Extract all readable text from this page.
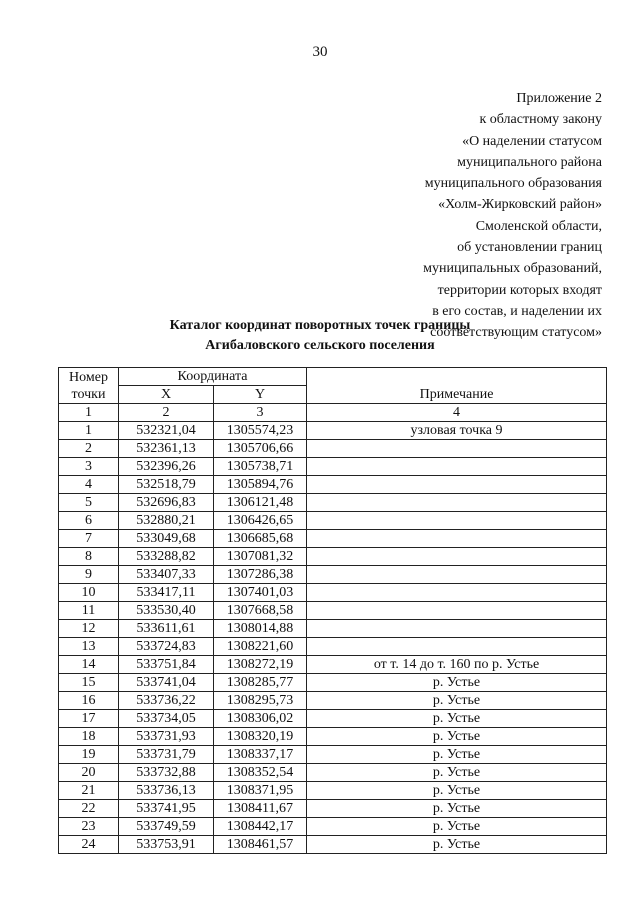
30
Приложение 2
к областному закону
«О наделении статусом
муниципального района
муниципального образования
«Холм-Жирковский район»
Смоленской области,
об установлении границ
муниципальных образований,
территории которых входят
в его состав, и наделении их
соответствующим статусом»
Каталог координат поворотных точек границы
Агибаловского сельского поселения
Номер точки	Координата		Примечание
	X	Y	
1	2	3	4
1	532321,04	1305574,23	узловая точка 9
2	532361,13	1305706,66	
3	532396,26	1305738,71	
4	532518,79	1305894,76	
5	532696,83	1306121,48	
6	532880,21	1306426,65	
7	533049,68	1306685,68	
8	533288,82	1307081,32	
9	533407,33	1307286,38	
10	533417,11	1307401,03	
11	533530,40	1307668,58	
12	533611,61	1308014,88	
13	533724,83	1308221,60	
14	533751,84	1308272,19	от т. 14 до т. 160 по р. Устье
15	533741,04	1308285,77	р. Устье
16	533736,22	1308295,73	р. Устье
17	533734,05	1308306,02	р. Устье
18	533731,93	1308320,19	р. Устье
19	533731,79	1308337,17	р. Устье
20	533732,88	1308352,54	р. Устье
21	533736,13	1308371,95	р. Устье
22	533741,95	1308411,67	р. Устье
23	533749,59	1308442,17	р. Устье
24	533753,91	1308461,57	р. Устье
